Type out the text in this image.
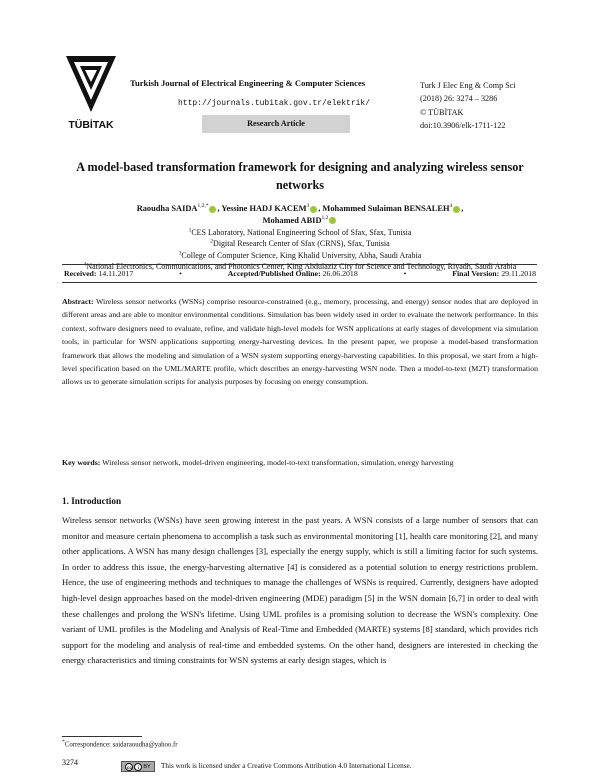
TÜBİTAK
Turkish Journal of Electrical Engineering & Computer Sciences
http://journals.tubitak.gov.tr/elektrik/
Research Article
Turk J Elec Eng & Comp Sci
(2018) 26: 3274 – 3286
© TÜBİTAK
doi:10.3906/elk-1711-122
A model-based transformation framework for designing and analyzing wireless sensor networks
Raoudha $SAIDA^{1,2,*}$ , Yessine HADJ KACEM$^3$ , Mohammed Sulaiman BENSALEH$^4$ ,
Mohamed ABID$^{1,2}$
$^1$CES Laboratory, National Engineering School of Sfax, Sfax, Tunisia
$^2$Digital Research Center of Sfax (CRNS), Sfax, Tunisia
$^3$College of Computer Science, King Khalid University, Abha, Saudi Arabia
$^4$National Electronics, Communications, and Photonics Center, King Abdulaziz City for Science and Technology, Riyadh, Saudi Arabia
Received: 14.11.2017	•	Accepted/Published Online: 26.06.2018	•	Final Version: 29.11.2018
Abstract: Wireless sensor networks (WSNs) comprise resource-constrained (e.g., memory, processing, and energy) sensor nodes that are deployed in different areas and are able to monitor environmental conditions. Simulation has been widely used in order to evaluate the network performance. In this context, software designers need to evaluate, refine, and validate high-level models for WSN applications at early stages of development via simulation tools, in particular for WSN applications supporting energy-harvesting devices. In the present paper, we propose a model-based transformation framework that allows the modeling and simulation of a WSN system supporting energy-harvesting capabilities. In this proposal, we start from a high-level specification based on the UML/MARTE profile, which describes an energy-harvesting WSN node. Then a model-to-text (M2T) transformation allows us to generate simulation scripts for analysis purposes by focusing on energy consumption.
Key words: Wireless sensor network, model-driven engineering, model-to-text transformation, simulation, energy harvesting
1. Introduction
Wireless sensor networks (WSNs) have seen growing interest in the past years. A WSN consists of a large number of sensors that can monitor and measure certain phenomena to accomplish a task such as environmental monitoring [1], health care monitoring [2], and many other applications. A WSN has many design challenges [3], especially the energy supply, which is still a limiting factor for such systems. In order to address this issue, the energy-harvesting alternative [4] is considered as a potential solution to energy restrictions problem. Hence, the use of engineering methods and techniques to manage the challenges of WSNs is required. Currently, designers have adopted high-level design approaches based on the model-driven engineering (MDE) paradigm [5] in the WSN domain [6,7] in order to deal with these challenges and prolong the WSN's lifetime. Using UML profiles is a promising solution to decrease the WSN's complexity. One variant of UML profiles is the Modeling and Analysis of Real-Time and Embedded (MARTE) systems [8] standard, which provides rich support for the modeling and analysis of real-time and embedded systems. On the other hand, designers are interested in checking the energy characteristics and timing constraints for WSN systems at early design stages, which is
*Correspondence: saidaraoudha@yahoo.fr
3274	cc	i BY This work is licensed under a Creative Commons Attribution 4.0 International License.
